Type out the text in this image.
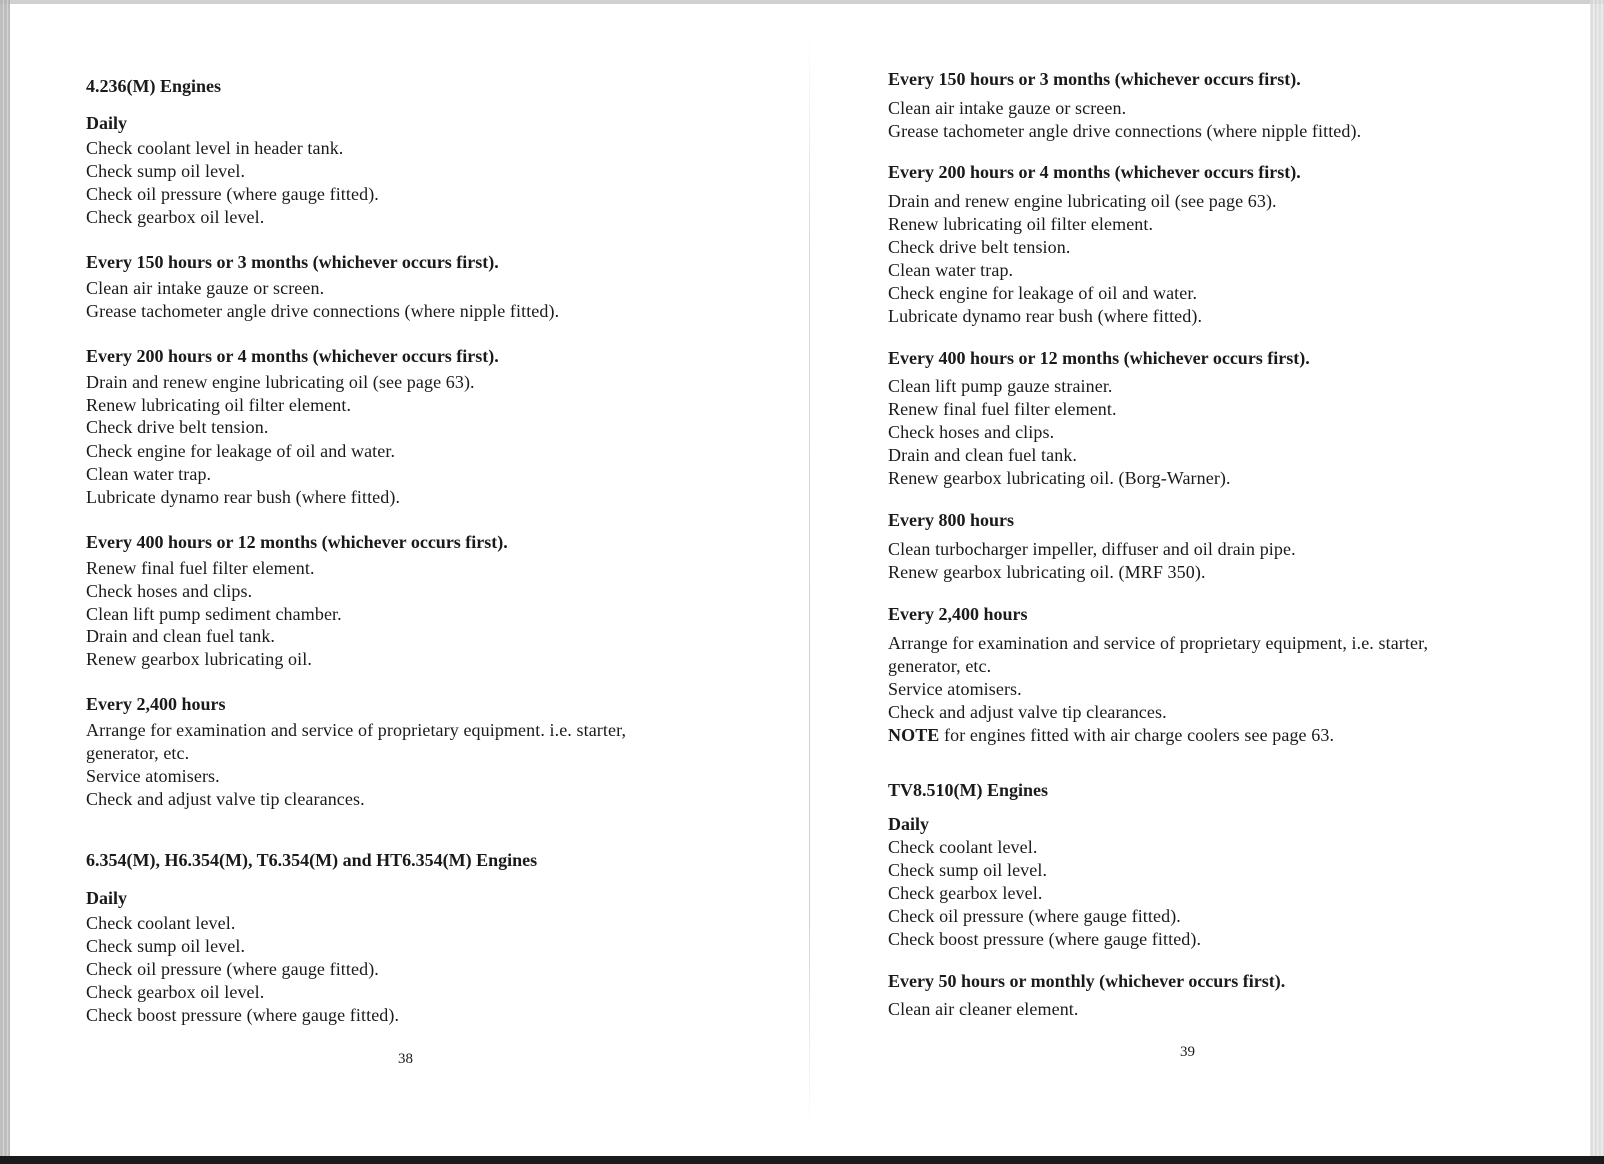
4.236(M) Engines
Daily
Check coolant level in header tank.
Check sump oil level.
Check oil pressure (where gauge fitted).
Check gearbox oil level.
Every 150 hours or 3 months (whichever occurs first).
Clean air intake gauze or screen.
Grease tachometer angle drive connections (where nipple fitted).
Every 200 hours or 4 months (whichever occurs first).
Drain and renew engine lubricating oil (see page 63).
Renew lubricating oil filter element.
Check drive belt tension.
Check engine for leakage of oil and water.
Clean water trap.
Lubricate dynamo rear bush (where fitted).
Every 400 hours or 12 months (whichever occurs first).
Renew final fuel filter element.
Check hoses and clips.
Clean lift pump sediment chamber.
Drain and clean fuel tank.
Renew gearbox lubricating oil.
Every 2,400 hours
Arrange for examination and service of proprietary equipment. i.e. starter,
generator, etc.
Service atomisers.
Check and adjust valve tip clearances.
6.354(M), H6.354(M), T6.354(M) and HT6.354(M) Engines
Daily
Check coolant level.
Check sump oil level.
Check oil pressure (where gauge fitted).
Check gearbox oil level.
Check boost pressure (where gauge fitted).
38
Every 150 hours or 3 months (whichever occurs first).
Clean air intake gauze or screen.
Grease tachometer angle drive connections (where nipple fitted).
Every 200 hours or 4 months (whichever occurs first).
Drain and renew engine lubricating oil (see page 63).
Renew lubricating oil filter element.
Check drive belt tension.
Clean water trap.
Check engine for leakage of oil and water.
Lubricate dynamo rear bush (where fitted).
Every 400 hours or 12 months (whichever occurs first).
Clean lift pump gauze strainer.
Renew final fuel filter element.
Check hoses and clips.
Drain and clean fuel tank.
Renew gearbox lubricating oil. (Borg-Warner).
Every 800 hours
Clean turbocharger impeller, diffuser and oil drain pipe.
Renew gearbox lubricating oil. (MRF 350).
Every 2,400 hours
Arrange for examination and service of proprietary equipment, i.e. starter,
generator, etc.
Service atomisers.
Check and adjust valve tip clearances.
NOTE for engines fitted with air charge coolers see page 63.
TV8.510(M) Engines
Daily
Check coolant level.
Check sump oil level.
Check gearbox level.
Check oil pressure (where gauge fitted).
Check boost pressure (where gauge fitted).
Every 50 hours or monthly (whichever occurs first).
Clean air cleaner element.
39
